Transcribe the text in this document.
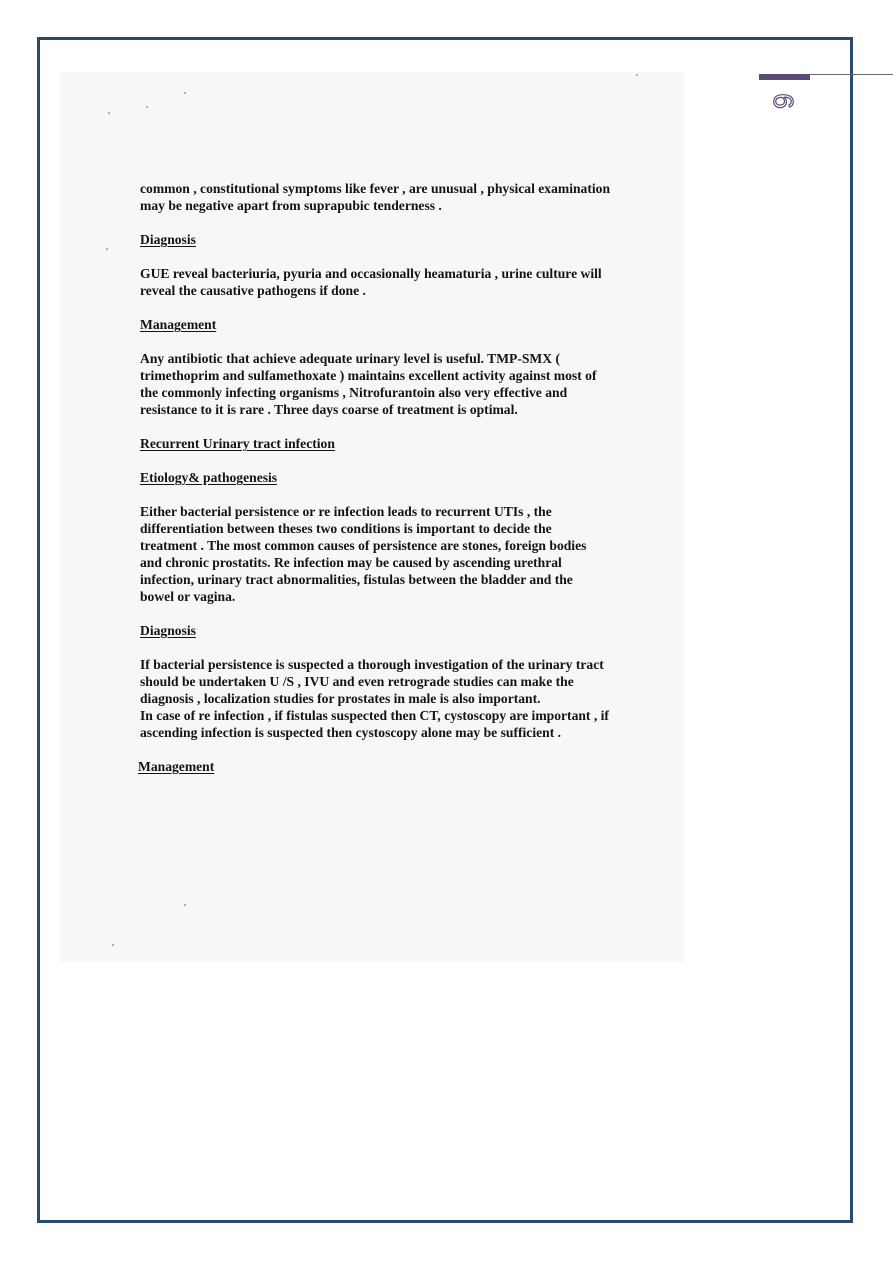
6

common , constitutional symptoms like fever , are unusual , physical examination may be negative apart from suprapubic tenderness .

Diagnosis

GUE reveal bacteriuria, pyuria and occasionally heamaturia , urine culture will reveal the causative pathogens if done .

Management

Any antibiotic that achieve adequate urinary level is useful. TMP-SMX ( trimethoprim and sulfamethoxate ) maintains excellent activity against most of the commonly infecting organisms , Nitrofurantoin also very effective and resistance to it is rare . Three days coarse of treatment is optimal.

Recurrent Urinary tract infection

Etiology& pathogenesis

Either bacterial persistence or re infection leads to recurrent UTIs , the differentiation between theses two conditions is important to decide the treatment . The most common causes of persistence are stones, foreign bodies and chronic prostatits. Re infection may be caused by ascending urethral infection, urinary tract abnormalities, fistulas between the bladder and the bowel or vagina.

Diagnosis

If bacterial persistence is suspected a thorough investigation of the urinary tract should be undertaken U /S , IVU and even retrograde studies can make the diagnosis , localization studies for prostates in male is also important.

In case of re infection , if fistulas suspected then CT, cystoscopy are important , if ascending infection is suspected then cystoscopy alone may be sufficient .

Management
